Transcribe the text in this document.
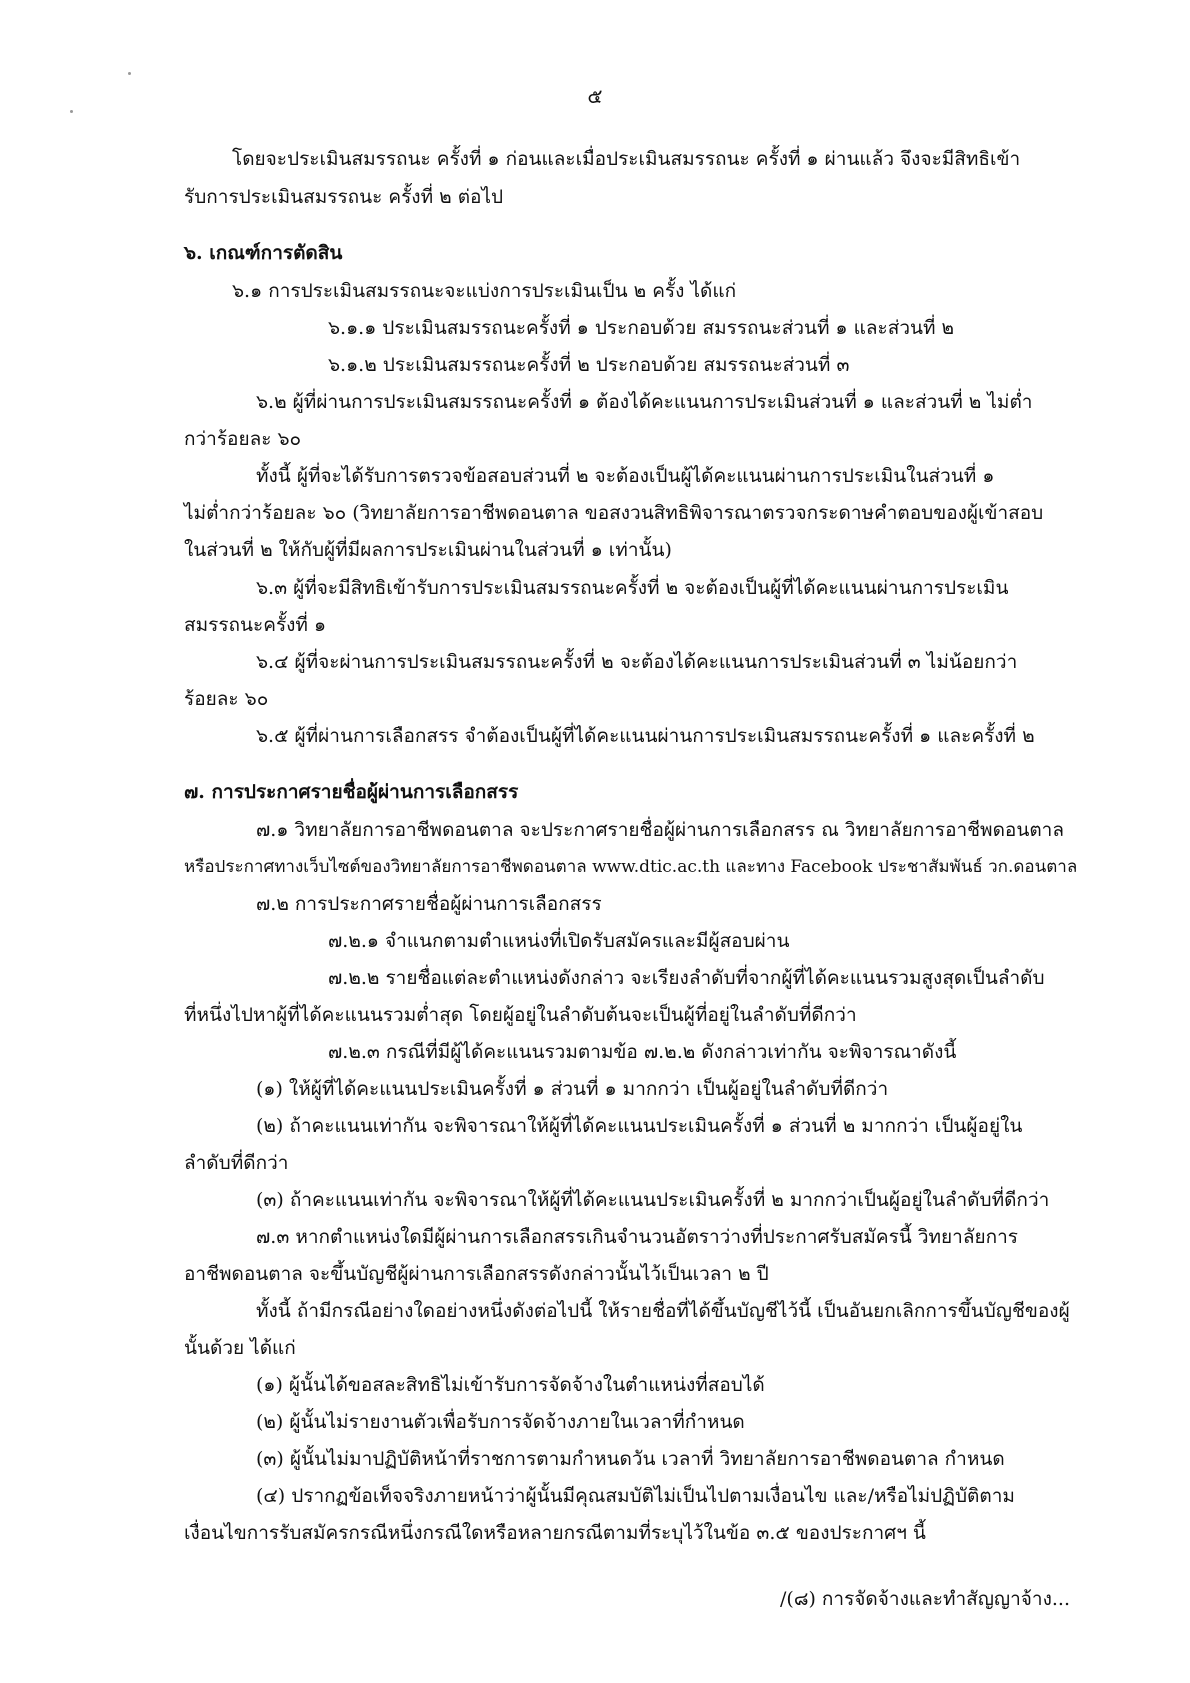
๕
โดยจะประเมินสมรรถนะ ครั้งที่ ๑ ก่อนและเมื่อประเมินสมรรถนะ ครั้งที่ ๑ ผ่านแล้ว จึงจะมีสิทธิเข้า
รับการประเมินสมรรถนะ ครั้งที่ ๒ ต่อไป
๖. เกณฑ์การตัดสิน
๖.๑ การประเมินสมรรถนะจะแบ่งการประเมินเป็น ๒ ครั้ง ได้แก่
๖.๑.๑ ประเมินสมรรถนะครั้งที่ ๑ ประกอบด้วย สมรรถนะส่วนที่ ๑ และส่วนที่ ๒
๖.๑.๒ ประเมินสมรรถนะครั้งที่ ๒ ประกอบด้วย สมรรถนะส่วนที่ ๓
๖.๒ ผู้ที่ผ่านการประเมินสมรรถนะครั้งที่ ๑ ต้องได้คะแนนการประเมินส่วนที่ ๑ และส่วนที่ ๒ ไม่ต่ำ
กว่าร้อยละ ๖๐
ทั้งนี้ ผู้ที่จะได้รับการตรวจข้อสอบส่วนที่ ๒ จะต้องเป็นผู้ได้คะแนนผ่านการประเมินในส่วนที่ ๑
ไม่ต่ำกว่าร้อยละ ๖๐ (วิทยาลัยการอาชีพดอนตาล ขอสงวนสิทธิพิจารณาตรวจกระดาษคำตอบของผู้เข้าสอบ
ในส่วนที่ ๒ ให้กับผู้ที่มีผลการประเมินผ่านในส่วนที่ ๑ เท่านั้น)
๖.๓ ผู้ที่จะมีสิทธิเข้ารับการประเมินสมรรถนะครั้งที่ ๒ จะต้องเป็นผู้ที่ได้คะแนนผ่านการประเมิน
สมรรถนะครั้งที่ ๑
๖.๔ ผู้ที่จะผ่านการประเมินสมรรถนะครั้งที่ ๒ จะต้องได้คะแนนการประเมินส่วนที่ ๓ ไม่น้อยกว่า
ร้อยละ ๖๐
๖.๕ ผู้ที่ผ่านการเลือกสรร จำต้องเป็นผู้ที่ได้คะแนนผ่านการประเมินสมรรถนะครั้งที่ ๑ และครั้งที่ ๒
๗. การประกาศรายชื่อผู้ผ่านการเลือกสรร
๗.๑ วิทยาลัยการอาชีพดอนตาล จะประกาศรายชื่อผู้ผ่านการเลือกสรร ณ วิทยาลัยการอาชีพดอนตาล
หรือประกาศทางเว็บไซต์ของวิทยาลัยการอาชีพดอนตาล www.dtic.ac.th และทาง Facebook ประชาสัมพันธ์ วก.ดอนตาล
๗.๒ การประกาศรายชื่อผู้ผ่านการเลือกสรร
๗.๒.๑ จำแนกตามตำแหน่งที่เปิดรับสมัครและมีผู้สอบผ่าน
๗.๒.๒ รายชื่อแต่ละตำแหน่งดังกล่าว จะเรียงลำดับที่จากผู้ที่ได้คะแนนรวมสูงสุดเป็นลำดับ
ที่หนึ่งไปหาผู้ที่ได้คะแนนรวมต่ำสุด โดยผู้อยู่ในลำดับต้นจะเป็นผู้ที่อยู่ในลำดับที่ดีกว่า
๗.๒.๓ กรณีที่มีผู้ได้คะแนนรวมตามข้อ ๗.๒.๒ ดังกล่าวเท่ากัน จะพิจารณาดังนี้
(๑) ให้ผู้ที่ได้คะแนนประเมินครั้งที่ ๑ ส่วนที่ ๑ มากกว่า เป็นผู้อยู่ในลำดับที่ดีกว่า
(๒) ถ้าคะแนนเท่ากัน จะพิจารณาให้ผู้ที่ได้คะแนนประเมินครั้งที่ ๑ ส่วนที่ ๒ มากกว่า เป็นผู้อยู่ใน
ลำดับที่ดีกว่า
(๓) ถ้าคะแนนเท่ากัน จะพิจารณาให้ผู้ที่ได้คะแนนประเมินครั้งที่ ๒ มากกว่าเป็นผู้อยู่ในลำดับที่ดีกว่า
๗.๓ หากตำแหน่งใดมีผู้ผ่านการเลือกสรรเกินจำนวนอัตราว่างที่ประกาศรับสมัครนี้ วิทยาลัยการ
อาชีพดอนตาล จะขึ้นบัญชีผู้ผ่านการเลือกสรรดังกล่าวนั้นไว้เป็นเวลา ๒ ปี
ทั้งนี้ ถ้ามีกรณีอย่างใดอย่างหนึ่งดังต่อไปนี้ ให้รายชื่อที่ได้ขึ้นบัญชีไว้นี้ เป็นอันยกเลิกการขึ้นบัญชีของผู้
นั้นด้วย ได้แก่
(๑) ผู้นั้นได้ขอสละสิทธิไม่เข้ารับการจัดจ้างในตำแหน่งที่สอบได้
(๒) ผู้นั้นไม่รายงานตัวเพื่อรับการจัดจ้างภายในเวลาที่กำหนด
(๓) ผู้นั้นไม่มาปฏิบัติหน้าที่ราชการตามกำหนดวัน เวลาที่ วิทยาลัยการอาชีพดอนตาล กำหนด
(๔) ปรากฏข้อเท็จจริงภายหน้าว่าผู้นั้นมีคุณสมบัติไม่เป็นไปตามเงื่อนไข และ/หรือไม่ปฏิบัติตาม
เงื่อนไขการรับสมัครกรณีหนึ่งกรณีใดหรือหลายกรณีตามที่ระบุไว้ในข้อ ๓.๕ ของประกาศฯ นี้
/(๘) การจัดจ้างและทำสัญญาจ้าง...
